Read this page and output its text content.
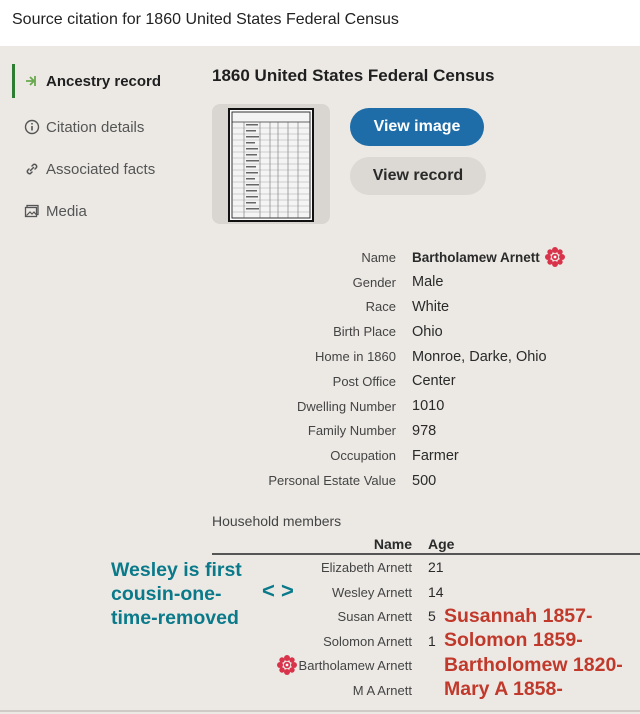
Source citation for 1860 United States Federal Census
Ancestry record
Citation details
Associated facts
Media
1860 United States Federal Census
View image
View record
Name	Bartholamew Arnett
Gender	Male
Race	White
Birth Place	Ohio
Home in 1860	Monroe, Darke, Ohio
Post Office	Center
Dwelling Number	1010
Family Number	978
Occupation	Farmer
Personal Estate Value	500
Household members
Name Age
Elizabeth Arnett 21
Wesley Arnett 14
Susan Arnett 5
Solomon Arnett 1
Bartholamew Arnett
M A Arnett
Wesley is first
cousin-one-
time-removed
< >
Susannah 1857-
Solomon 1859-
Bartholomew 1820-
Mary A 1858-
